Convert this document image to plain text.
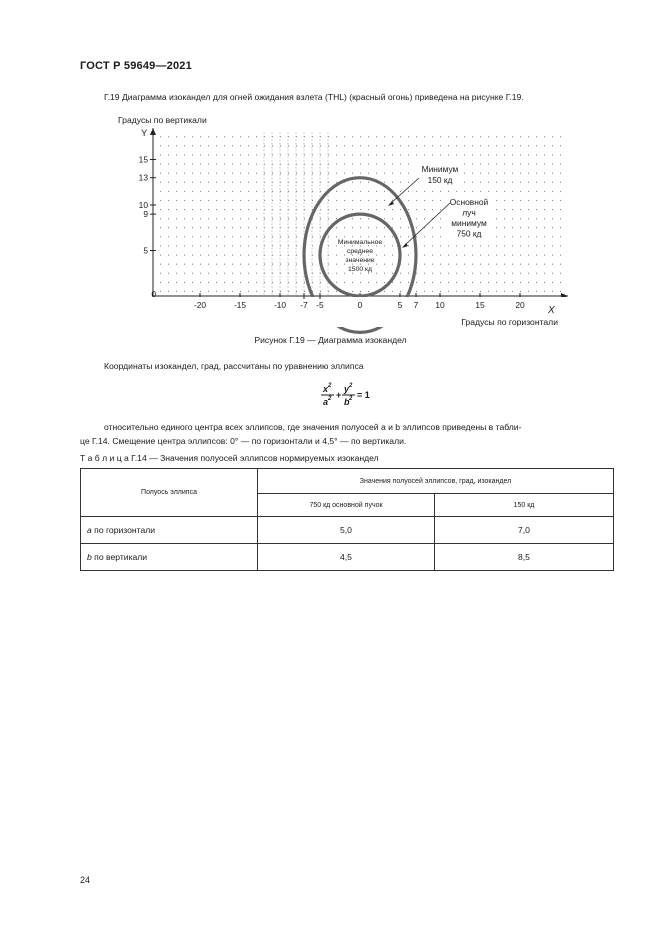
ГОСТ Р 59649—2021
Г.19 Диаграмма изокандел для огней ожидания взлета (THL) (красный огонь) приведена на рисунке Г.19.
-20	-15	-10 -7 -5	0	5 7 10	15	20
15
13
10
9
5
0
Градусы по вертикали
Y
Градусы по горизонтали
X
Минимум
150 кд
Основной
луч
минимум
750 кд
Минимальное
среднее
значение
1500 кд
Рисунок Г.19 — Диаграмма изокандел
Координаты изокандел, град, рассчитаны по уравнению эллипса
x 2
a 2 +
y 2
b 2 = 1
относительно единого центра всех эллипсов, где значения полуосей a и b эллипсов приведены в табли-
це Г.14. Смещение центра эллипсов: 0° — по горизонтали и 4,5° — по вертикали.
Т а б л и ц а Г.14 — Значения полуосей эллипсов нормируемых изокандел
Полуось эллипса	Значения полуосей эллипсов, град, изокандел	
	750 кд основной пучок	150 кд
a по горизонтали	5,0	7,0
b по вертикали	4,5	8,5
24
